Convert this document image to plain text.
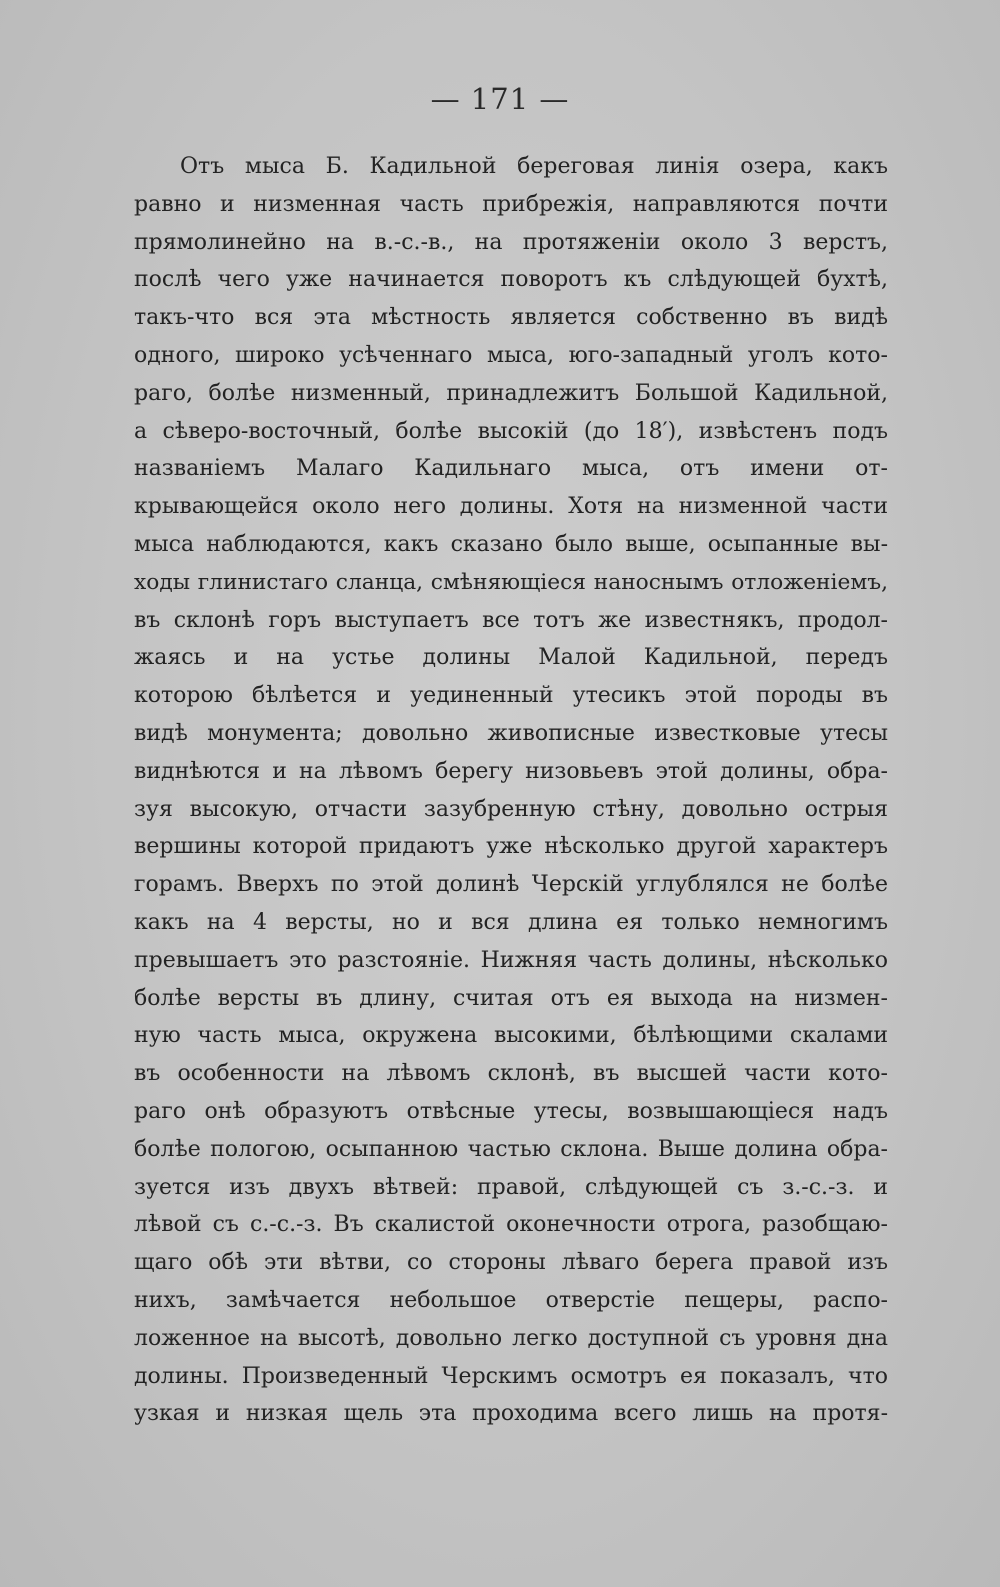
— 171 —
Отъ мыса Б. Кадильной береговая линія озера, какъ
равно и низменная часть прибрежія, направляются почти
прямолинейно на в.-с.-в., на протяженіи около 3 верстъ,
послѣ чего уже начинается поворотъ къ слѣдующей бухтѣ,
такъ-что вся эта мѣстность является собственно въ видѣ
одного, широко усѣченнаго мыса, юго-западный уголъ кото-
раго, болѣе низменный, принадлежитъ Большой Кадильной,
а сѣверо-восточный, болѣе высокій (до 18′), извѣстенъ подъ
названіемъ Малаго Кадильнаго мыса, отъ имени от-
крывающейся около него долины. Хотя на низменной части
мыса наблюдаются, какъ сказано было выше, осыпанные вы-
ходы глинистаго сланца, смѣняющіеся наноснымъ отложеніемъ,
въ склонѣ горъ выступаетъ все тотъ же известнякъ, продол-
жаясь и на устье долины Малой Кадильной, передъ
которою бѣлѣется и уединенный утесикъ этой породы въ
видѣ монумента; довольно живописные известковые утесы
виднѣются и на лѣвомъ берегу низовьевъ этой долины, обра-
зуя высокую, отчасти зазубренную стѣну, довольно острыя
вершины которой придаютъ уже нѣсколько другой характеръ
горамъ. Вверхъ по этой долинѣ Черскій углублялся не болѣе
какъ на 4 версты, но и вся длина ея только немногимъ
превышаетъ это разстояніе. Нижняя часть долины, нѣсколько
болѣе версты въ длину, считая отъ ея выхода на низмен-
ную часть мыса, окружена высокими, бѣлѣющими скалами
въ особенности на лѣвомъ склонѣ, въ высшей части кото-
раго онѣ образуютъ отвѣсные утесы, возвышающіеся надъ
болѣе пологою, осыпанною частью склона. Выше долина обра-
зуется изъ двухъ вѣтвей: правой, слѣдующей съ з.-с.-з. и
лѣвой съ с.-с.-з. Въ скалистой оконечности отрога, разобщаю-
щаго обѣ эти вѣтви, со стороны лѣваго берега правой изъ
нихъ, замѣчается небольшое отверстіе пещеры, распо-
ложенное на высотѣ, довольно легко доступной съ уровня дна
долины. Произведенный Черскимъ осмотръ ея показалъ, что
узкая и низкая щель эта проходима всего лишь на протя-
